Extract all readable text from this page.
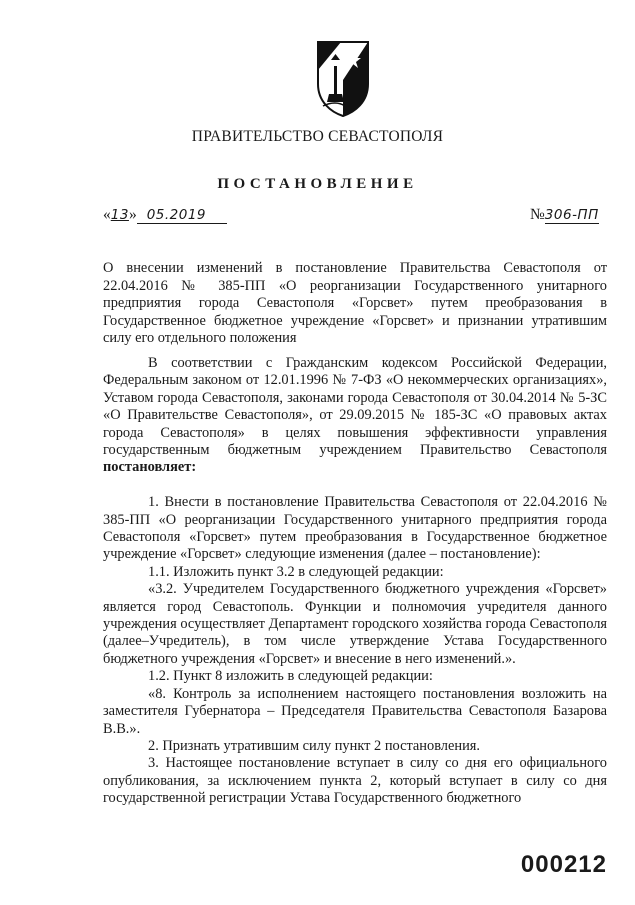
ПРАВИТЕЛЬСТВО СЕВАСТОПОЛЯ
ПОСТАНОВЛЕНИЕ
«13» 05.2019	№306-ПП

О внесении изменений в постановление Правительства Севастополя от 22.04.2016 № 385-ПП «О реорганизации Государственного унитарного предприятия города Севастополя «Горсвет» путем преобразования в Государственное бюджетное учреждение «Горсвет» и признании утратившим силу его отдельного положения

В соответствии с Гражданским кодексом Российской Федерации, Федеральным законом от 12.01.1996 № 7-ФЗ «О некоммерческих организациях», Уставом города Севастополя, законами города Севастополя от 30.04.2014 № 5-ЗС «О Правительстве Севастополя», от 29.09.2015 № 185-ЗС «О правовых актах города Севастополя» в целях повышения эффективности управления государственным бюджетным учреждением Правительство Севастополя постановляет:

1. Внести в постановление Правительства Севастополя от 22.04.2016 № 385-ПП «О реорганизации Государственного унитарного предприятия города Севастополя «Горсвет» путем преобразования в Государственное бюджетное учреждение «Горсвет» следующие изменения (далее – постановление):

1.1. Изложить пункт 3.2 в следующей редакции:

«3.2. Учредителем Государственного бюджетного учреждения «Горсвет» является город Севастополь. Функции и полномочия учредителя данного учреждения осуществляет Департамент городского хозяйства города Севастополя (далее–Учредитель), в том числе утверждение Устава Государственного бюджетного учреждения «Горсвет» и внесение в него изменений.».

1.2. Пункт 8 изложить в следующей редакции:

«8. Контроль за исполнением настоящего постановления возложить на заместителя Губернатора – Председателя Правительства Севастополя Базарова В.В.».

2. Признать утратившим силу пункт 2 постановления.

3. Настоящее постановление вступает в силу со дня его официального опубликования, за исключением пункта 2, который вступает в силу со дня государственной регистрации Устава Государственного бюджетного

000212
